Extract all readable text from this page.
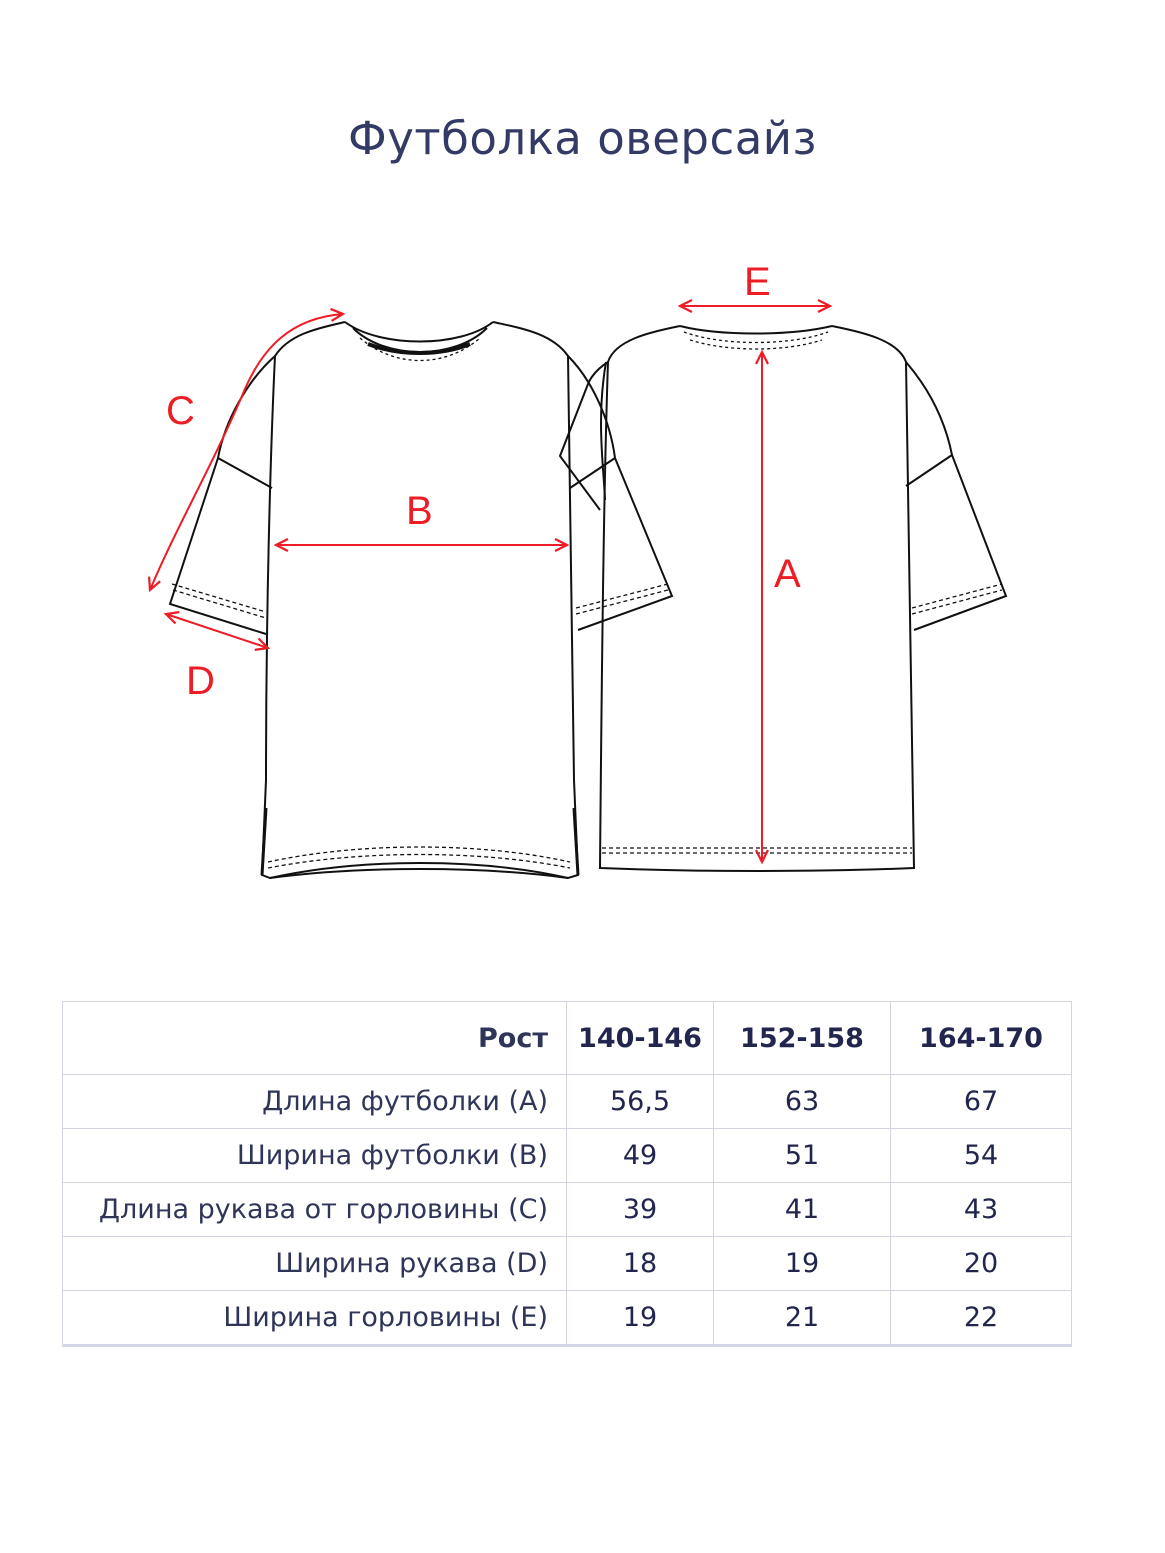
Футболка оверсайз
C
B
D
E
A
Рост	140-146	152-158	164-170
Длина футболки (A)	56,5	63	67
Ширина футболки (B)	49	51	54
Длина рукава от горловины (C)	39	41	43
Ширина рукава (D)	18	19	20
Ширина горловины (E)	19	21	22
